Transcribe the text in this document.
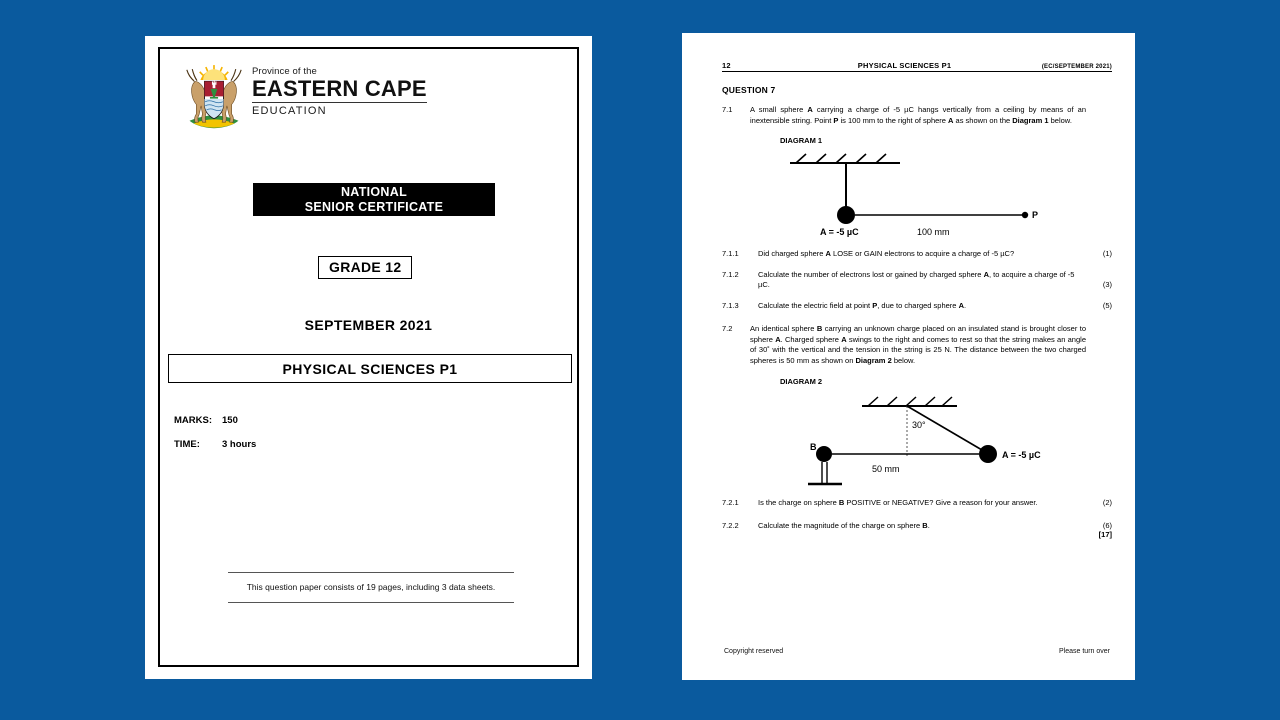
Province of the
EASTERN CAPE
EDUCATION
NATIONAL
SENIOR CERTIFICATE
GRADE 12
SEPTEMBER 2021
PHYSICAL SCIENCES P1
MARKS: 150
TIME: 3 hours
This question paper consists of 19 pages, including 3 data sheets.
12	PHYSICAL SCIENCES P1	(EC/SEPTEMBER 2021)
QUESTION 7
7.1	A small sphere A carrying a charge of -5 µC hangs vertically from a ceiling by means of an inextensible string. Point P is 100 mm to the right of sphere A as shown on the Diagram 1 below.
DIAGRAM 1
P
A = -5 µC	100 mm
7.1.1	Did charged sphere A LOSE or GAIN electrons to acquire a charge of -5 µC?	(1)
7.1.2	Calculate the number of electrons lost or gained by charged sphere A, to acquire a charge of -5 µC.	(3)
7.1.3	Calculate the electric field at point P, due to charged sphere A.	(5)
7.2	An identical sphere B carrying an unknown charge placed on an insulated stand is brought closer to sphere A. Charged sphere A swings to the right and comes to rest so that the string makes an angle of 30˚ with the vertical and the tension in the string is 25 N. The distance between the two charged spheres is 50 mm as shown on Diagram 2 below.
DIAGRAM 2
30°
A = -5 µC
B
50 mm
7.2.1	Is the charge on sphere B POSITIVE or NEGATIVE? Give a reason for your answer.	(2)
7.2.2	Calculate the magnitude of the charge on sphere B.	(6)
[17]
Copyright reserved	Please turn over
